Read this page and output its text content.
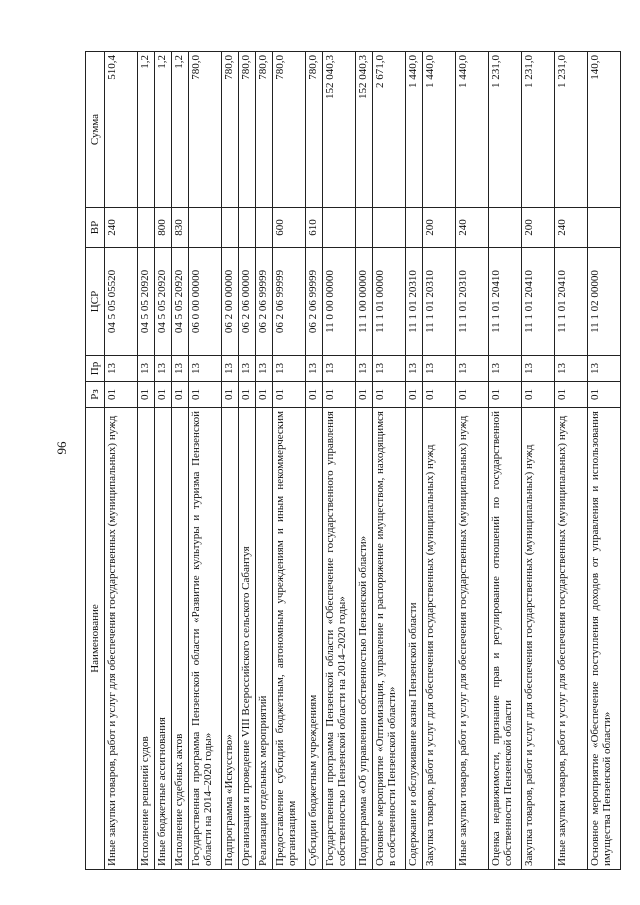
96
Наименование	Рз	Пр	ЦСР	ВР	Сумма
Иные закупки товаров, работ и услуг для обеспечения государственных (муниципальных) нужд	01	13	04 5 05 05520	240	510,4
Исполнение решений судов	01	13	04 5 05 20920		1,2
Иные бюджетные ассигнования	01	13	04 5 05 20920	800	1,2
Исполнение судебных актов	01	13	04 5 05 20920	830	1,2
Государственная программа Пензенской области «Развитие культуры и туризма Пензенской области на 2014–2020 годы»	01	13	06 0 00 00000		780,0
Подпрограмма «Искусство»	01	13	06 2 00 00000		780,0
Организация и проведение VIII Всероссийского сельского Сабантуя	01	13	06 2 06 00000		780,0
Реализация отдельных мероприятий	01	13	06 2 06 99999		780,0
Предоставление субсидий бюджетным, автономным учреждениям и иным некоммерческим организациям	01	13	06 2 06 99999	600	780,0
Субсидии бюджетным учреждениям	01	13	06 2 06 99999	610	780,0
Государственная программа Пензенской области «Обеспечение государственного управления собственностью Пензенской области на 2014–2020 годы»	01	13	11 0 00 00000		152 040,3
Подпрограмма «Об управлении собственностью Пензенской области»	01	13	11 1 00 00000		152 040,3
Основное мероприятие «Оптимизация, управление и распоряжение имуществом, находящимся в собственности Пензенской области»	01	13	11 1 01 00000		2 671,0
Содержание и обслуживание казны Пензенской области	01	13	11 1 01 20310		1 440,0
Закупка товаров, работ и услуг для обеспечения государственных (муниципальных) нужд	01	13	11 1 01 20310	200	1 440,0
Иные закупки товаров, работ и услуг для обеспечения государственных (муниципальных) нужд	01	13	11 1 01 20310	240	1 440,0
Оценка недвижимости, признание прав и регулирование отношений по государственной собственности Пензенской области	01	13	11 1 01 20410		1 231,0
Закупка товаров, работ и услуг для обеспечения государственных (муниципальных) нужд	01	13	11 1 01 20410	200	1 231,0
Иные закупки товаров, работ и услуг для обеспечения государственных (муниципальных) нужд	01	13	11 1 01 20410	240	1 231,0
Основное мероприятие «Обеспечение поступления доходов от управления и использования имущества Пензенской области»	01	13	11 1 02 00000		140,0
